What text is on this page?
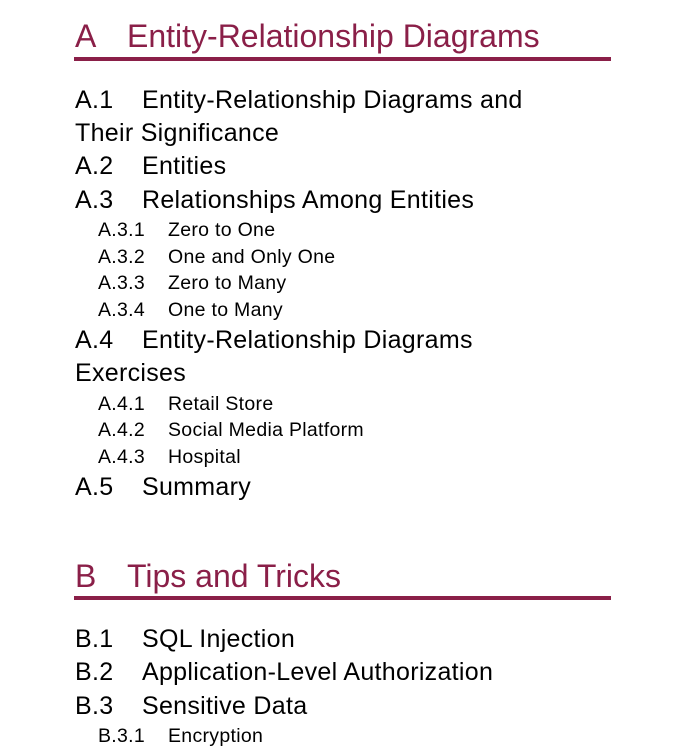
A Entity-Relationship Diagrams
A.1 Entity-Relationship Diagrams and
Their Significance
A.2 Entities
A.3 Relationships Among Entities
A.3.1 Zero to One
A.3.2 One and Only One
A.3.3 Zero to Many
A.3.4 One to Many
A.4 Entity-Relationship Diagrams
Exercises
A.4.1 Retail Store
A.4.2 Social Media Platform
A.4.3 Hospital
A.5 Summary
B Tips and Tricks
B.1 SQL Injection
B.2 Application-Level Authorization
B.3 Sensitive Data
B.3.1 Encryption
